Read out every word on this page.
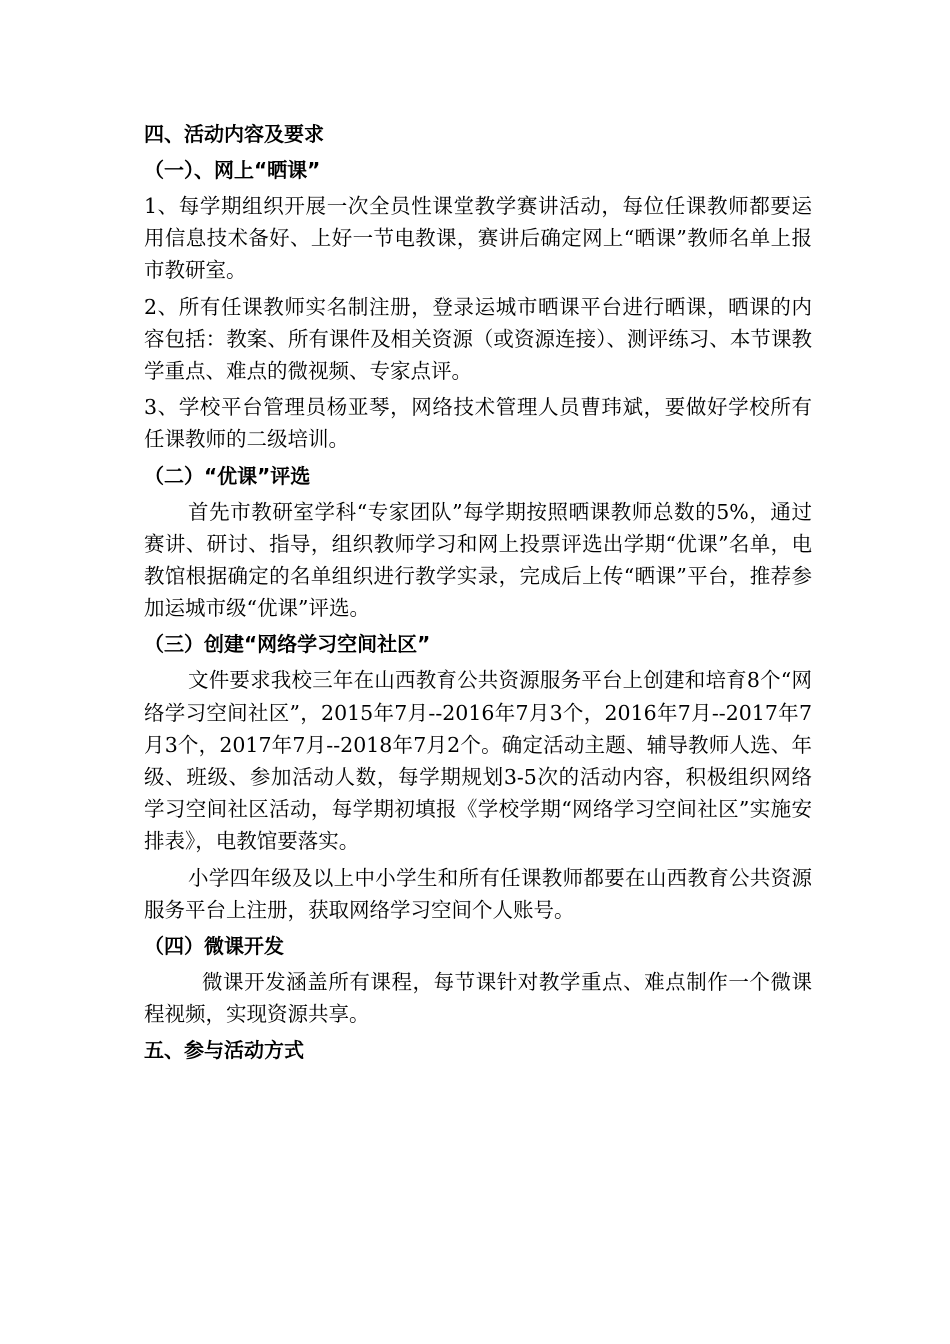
四、活动内容及要求

（一）、网上“晒课”

1、每学期组织开展一次全员性课堂教学赛讲活动，每位任课教师都要运用信息技术备好、上好一节电教课，赛讲后确定网上“晒课”教师名单上报市教研室。

2、所有任课教师实名制注册，登录运城市晒课平台进行晒课，晒课的内容包括：教案、所有课件及相关资源（或资源连接）、测评练习、本节课教学重点、难点的微视频、专家点评。

3、学校平台管理员杨亚琴，网络技术管理人员曹玮斌，要做好学校所有任课教师的二级培训。

（二）“优课”评选

首先市教研室学科“专家团队”每学期按照晒课教师总数的5%，通过赛讲、研讨、指导，组织教师学习和网上投票评选出学期“优课”名单，电教馆根据确定的名单组织进行教学实录，完成后上传“晒课”平台，推荐参加运城市级“优课”评选。

（三）创建“网络学习空间社区”

文件要求我校三年在山西教育公共资源服务平台上创建和培育8个“网络学习空间社区”，2015年7月--2016年7月3个，2016年7月--2017年7月3个，2017年7月--2018年7月2个。确定活动主题、辅导教师人选、年级、班级、参加活动人数，每学期规划3-5次的活动内容，积极组织网络学习空间社区活动，每学期初填报《学校学期“网络学习空间社区”实施安排表》，电教馆要落实。

小学四年级及以上中小学生和所有任课教师都要在山西教育公共资源服务平台上注册，获取网络学习空间个人账号。

（四）微课开发

微课开发涵盖所有课程，每节课针对教学重点、难点制作一个微课程视频，实现资源共享。

五、参与活动方式
